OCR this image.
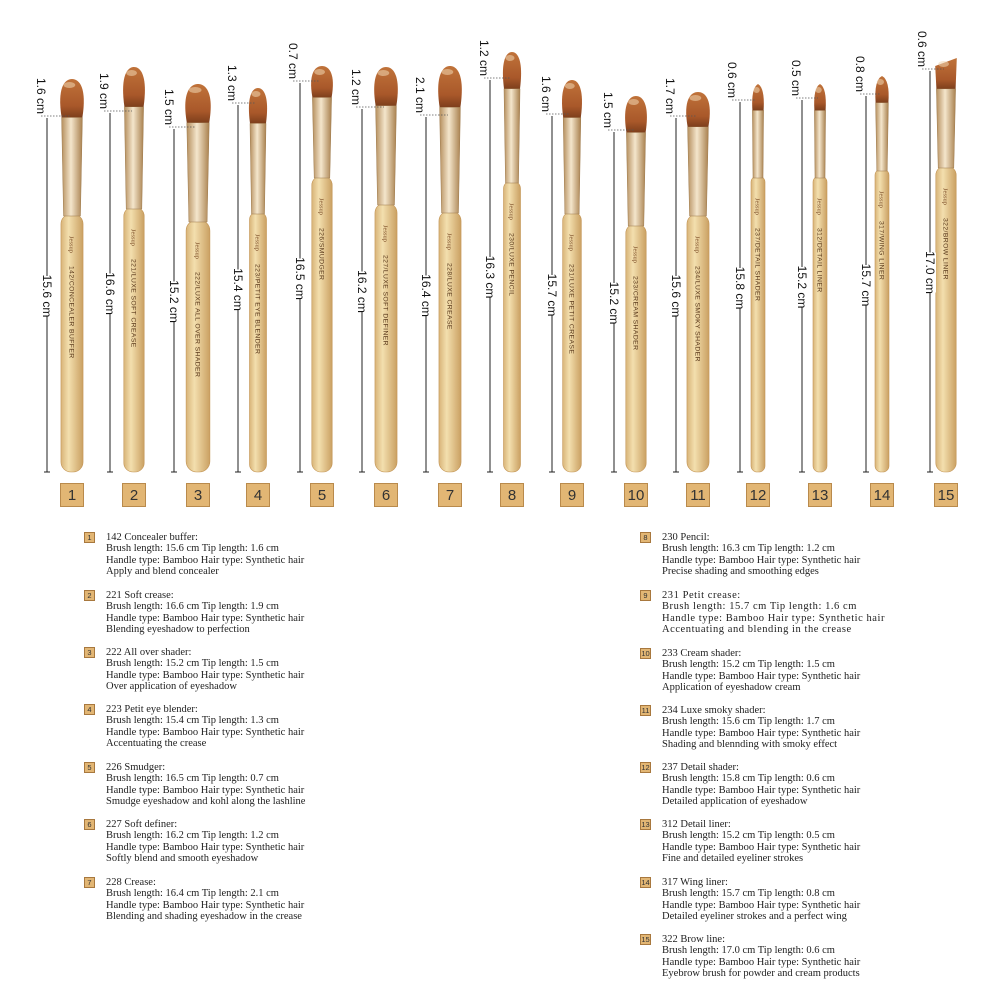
Jessup
142/CONCEALER BUFFER
1.6 cm
15.6 cm
Jessup
221/LUXE SOFT CREASE
1.9 cm
16.6 cm
Jessup
222/LUXE ALL OVER SHADER
1.5 cm
15.2 cm
Jessup
223/PETIT EYE BLENDER
1.3 cm
15.4 cm
Jessup
226/SMUDGER
0.7 cm
16.5 cm
Jessup
227/LUXE SOFT DEFINER
1.2 cm
16.2 cm
Jessup
228/LUXE CREASE
2.1 cm
16.4 cm
Jessup
230/LUXE PENCIL
1.2 cm
16.3 cm
Jessup
231/LUXE PETIT CREASE
1.6 cm
15.7 cm
Jessup
233/CREAM SHADER
1.5 cm
15.2 cm
Jessup
234/LUXE SMOKY SHADER
1.7 cm
15.6 cm
Jessup
237/DETAIL SHADER
0.6 cm
15.8 cm
Jessup
312/DETAIL LINER
0.5 cm
15.2 cm
Jessup
317/WING LINER
0.8 cm
15.7 cm
Jessup
322/BROW LINER
0.6 cm
17.0 cm
1	2	3	4	5	6	7	8	9	10	11	12	13	14	15
1	142 Concealer buffer:
Brush length: 15.6 cm Tip length: 1.6 cm
Handle type: Bamboo Hair type: Synthetic hair
Apply and blend concealer
2	221 Soft crease:
Brush length: 16.6 cm Tip length: 1.9 cm
Handle type: Bamboo Hair type: Synthetic hair
Blending eyeshadow to perfection
3	222 All over shader:
Brush length: 15.2 cm Tip length: 1.5 cm
Handle type: Bamboo Hair type: Synthetic hair
Over application of eyeshadow
4	223 Petit eye blender:
Brush length: 15.4 cm Tip length: 1.3 cm
Handle type: Bamboo Hair type: Synthetic hair
Accentuating the crease
5	226 Smudger:
Brush length: 16.5 cm Tip length: 0.7 cm
Handle type: Bamboo Hair type: Synthetic hair
Smudge eyeshadow and kohl along the lashline
6	227 Soft definer:
Brush length: 16.2 cm Tip length: 1.2 cm
Handle type: Bamboo Hair type: Synthetic hair
Softly blend and smooth eyeshadow
7	228 Crease:
Brush length: 16.4 cm Tip length: 2.1 cm
Handle type: Bamboo Hair type: Synthetic hair
Blending and shading eyeshadow in the crease
8	230 Pencil:
Brush length: 16.3 cm Tip length: 1.2 cm
Handle type: Bamboo Hair type: Synthetic hair
Precise shading and smoothing edges
9	231 Petit crease:
Brush length: 15.7 cm Tip length: 1.6 cm
Handle type: Bamboo Hair type: Synthetic hair
Accentuating and blending in the crease
10 233 Cream shader:
Brush length: 15.2 cm Tip length: 1.5 cm
Handle type: Bamboo Hair type: Synthetic hair
Application of eyeshadow cream
11 234 Luxe smoky shader:
Brush length: 15.6 cm Tip length: 1.7 cm
Handle type: Bamboo Hair type: Synthetic hair
Shading and blennding with smoky effect
12 237 Detail shader:
Brush length: 15.8 cm Tip length: 0.6 cm
Handle type: Bamboo Hair type: Synthetic hair
Detailed application of eyeshadow
13 312 Detail liner:
Brush length: 15.2 cm Tip length: 0.5 cm
Handle type: Bamboo Hair type: Synthetic hair
Fine and detailed eyeliner strokes
14 317 Wing liner:
Brush length: 15.7 cm Tip length: 0.8 cm
Handle type: Bamboo Hair type: Synthetic hair
Detailed eyeliner strokes and a perfect wing
15 322 Brow line:
Brush length: 17.0 cm Tip length: 0.6 cm
Handle type: Bamboo Hair type: Synthetic hair
Eyebrow brush for powder and cream products
